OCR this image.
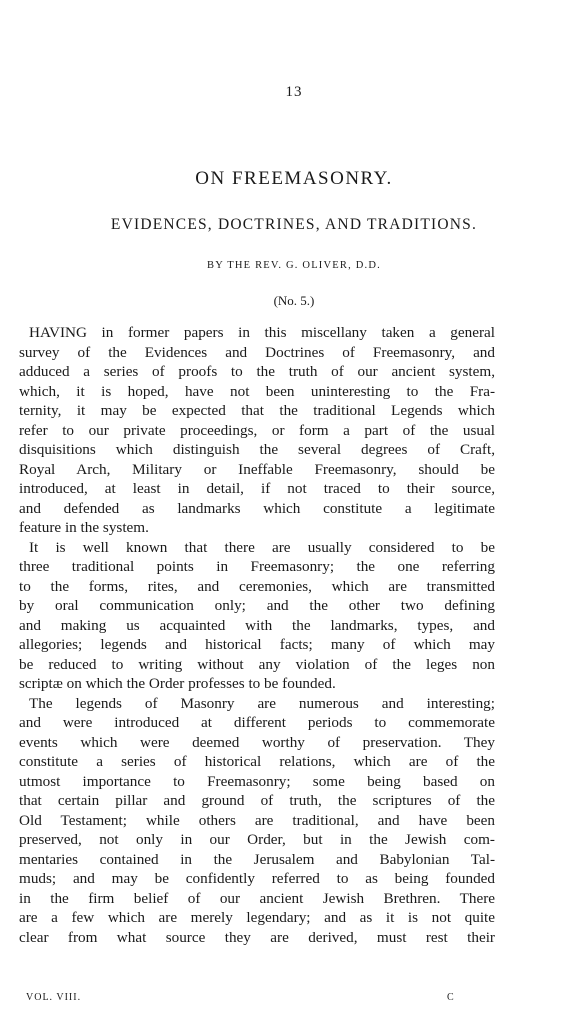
13
ON FREEMASONRY.
EVIDENCES, DOCTRINES, AND TRADITIONS.
BY THE REV. G. OLIVER, D.D.
(No. 5.)
HAVING in former papers in this miscellany taken a general
survey of the Evidences and Doctrines of Freemasonry, and
adduced a series of proofs to the truth of our ancient system,
which, it is hoped, have not been uninteresting to the Fra-
ternity, it may be expected that the traditional Legends which
refer to our private proceedings, or form a part of the usual
disquisitions which distinguish the several degrees of Craft,
Royal Arch, Military or Ineffable Freemasonry, should be
introduced, at least in detail, if not traced to their source,
and defended as landmarks which constitute a legitimate
feature in the system.
It is well known that there are usually considered to be
three traditional points in Freemasonry; the one referring
to the forms, rites, and ceremonies, which are transmitted
by oral communication only; and the other two defining
and making us acquainted with the landmarks, types, and
allegories; legends and historical facts; many of which may
be reduced to writing without any violation of the leges non
scriptæ on which the Order professes to be founded.
The legends of Masonry are numerous and interesting;
and were introduced at different periods to commemorate
events which were deemed worthy of preservation. They
constitute a series of historical relations, which are of the
utmost importance to Freemasonry; some being based on
that certain pillar and ground of truth, the scriptures of the
Old Testament; while others are traditional, and have been
preserved, not only in our Order, but in the Jewish com-
mentaries contained in the Jerusalem and Babylonian Tal-
muds; and may be confidently referred to as being founded
in the firm belief of our ancient Jewish Brethren. There
are a few which are merely legendary; and as it is not quite
clear from what source they are derived, must rest their
VOL. VIII.	C
